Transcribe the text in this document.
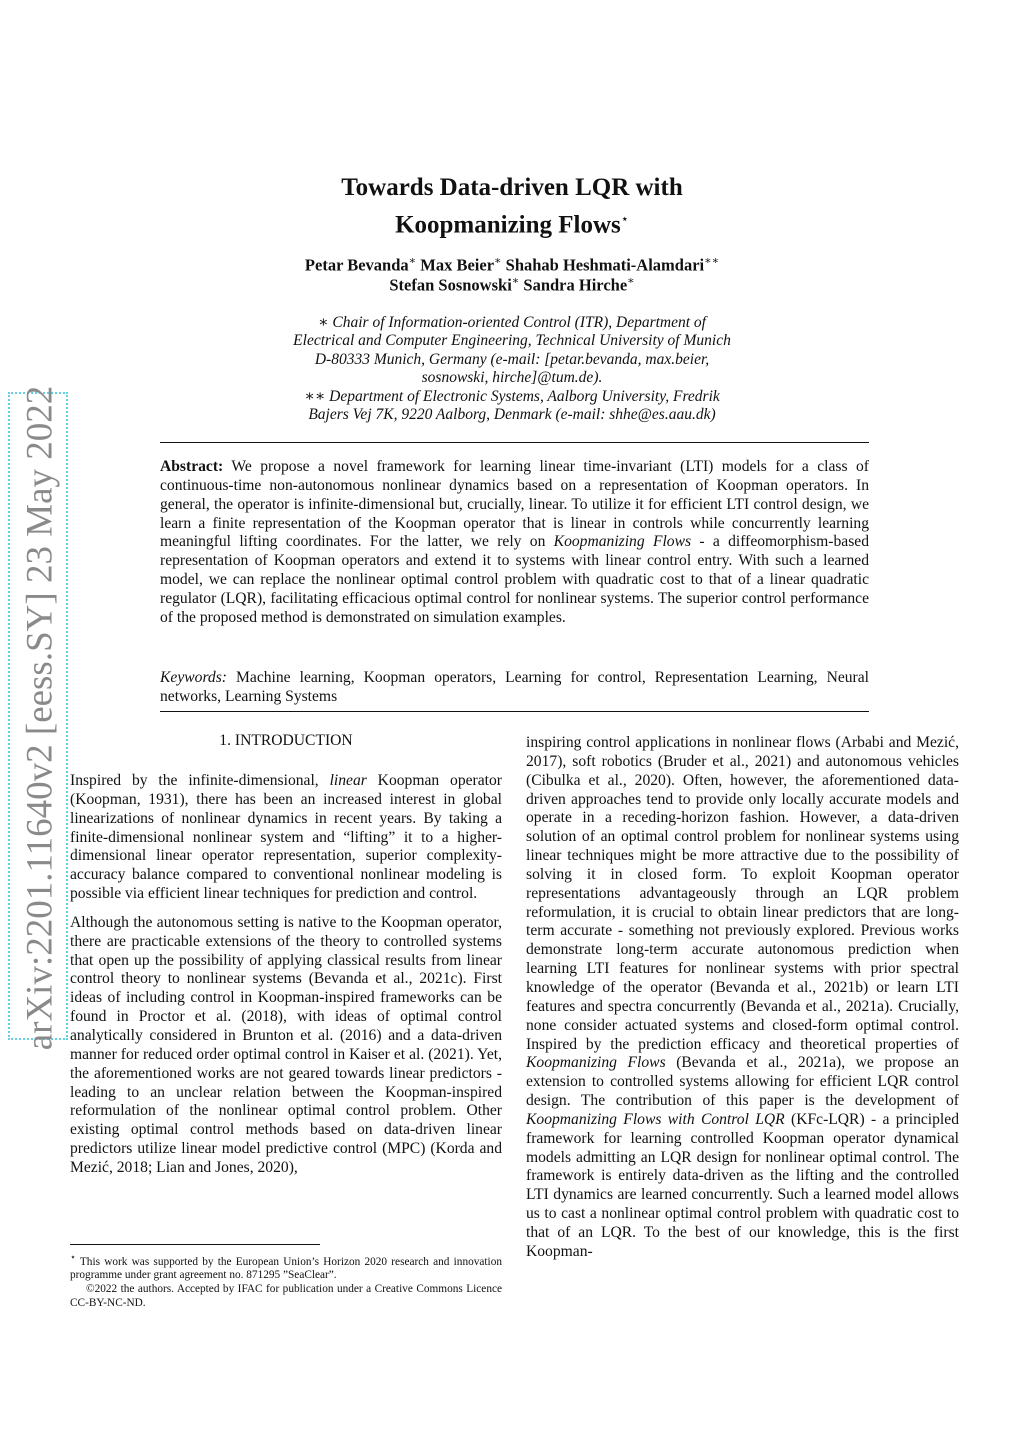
arXiv:2201.11640v2 [eess.SY] 23 May 2022
Towards Data-driven LQR with
Koopmanizing Flows⋆
Petar Bevanda∗ Max Beier∗ Shahab Heshmati-Alamdari∗∗
Stefan Sosnowski∗ Sandra Hirche∗
∗ Chair of Information-oriented Control (ITR), Department of
Electrical and Computer Engineering, Technical University of Munich
D-80333 Munich, Germany (e-mail: [petar.bevanda, max.beier,
sosnowski, hirche]@tum.de).
∗∗ Department of Electronic Systems, Aalborg University, Fredrik
Bajers Vej 7K, 9220 Aalborg, Denmark (e-mail: shhe@es.aau.dk)
Abstract: We propose a novel framework for learning linear time-invariant (LTI) models for a class of continuous-time non-autonomous nonlinear dynamics based on a representation of Koopman operators. In general, the operator is infinite-dimensional but, crucially, linear. To utilize it for efficient LTI control design, we learn a finite representation of the Koopman operator that is linear in controls while concurrently learning meaningful lifting coordinates. For the latter, we rely on Koopmanizing Flows - a diffeomorphism-based representation of Koopman operators and extend it to systems with linear control entry. With such a learned model, we can replace the nonlinear optimal control problem with quadratic cost to that of a linear quadratic regulator (LQR), facilitating efficacious optimal control for nonlinear systems. The superior control performance of the proposed method is demonstrated on simulation examples.
Keywords: Machine learning, Koopman operators, Learning for control, Representation Learning, Neural networks, Learning Systems
1. INTRODUCTION
Inspired by the infinite-dimensional, linear Koopman operator (Koopman, 1931), there has been an increased interest in global linearizations of nonlinear dynamics in recent years. By taking a finite-dimensional nonlinear system and “lifting” it to a higher-dimensional linear operator representation, superior complexity-accuracy balance compared to conventional nonlinear modeling is possible via efficient linear techniques for prediction and control.
Although the autonomous setting is native to the Koopman operator, there are practicable extensions of the theory to controlled systems that open up the possibility of applying classical results from linear control theory to nonlinear systems (Bevanda et al., 2021c). First ideas of including control in Koopman-inspired frameworks can be found in Proctor et al. (2018), with ideas of optimal control analytically considered in Brunton et al. (2016) and a data-driven manner for reduced order optimal control in Kaiser et al. (2021). Yet, the aforementioned works are not geared towards linear predictors - leading to an unclear relation between the Koopman-inspired reformulation of the nonlinear optimal control problem. Other existing optimal control methods based on data-driven linear predictors utilize linear model predictive control (MPC) (Korda and Mezić, 2018; Lian and Jones, 2020),
inspiring control applications in nonlinear flows (Arbabi and Mezić, 2017), soft robotics (Bruder et al., 2021) and autonomous vehicles (Cibulka et al., 2020). Often, however, the aforementioned data-driven approaches tend to provide only locally accurate models and operate in a receding-horizon fashion. However, a data-driven solution of an optimal control problem for nonlinear systems using linear techniques might be more attractive due to the possibility of solving it in closed form. To exploit Koopman operator representations advantageously through an LQR problem reformulation, it is crucial to obtain linear predictors that are long-term accurate - something not previously explored. Previous works demonstrate long-term accurate autonomous prediction when learning LTI features for nonlinear systems with prior spectral knowledge of the operator (Bevanda et al., 2021b) or learn LTI features and spectra concurrently (Bevanda et al., 2021a). Crucially, none consider actuated systems and closed-form optimal control. Inspired by the prediction efficacy and theoretical properties of Koopmanizing Flows (Bevanda et al., 2021a), we propose an extension to controlled systems allowing for efficient LQR control design. The contribution of this paper is the development of Koopmanizing Flows with Control LQR (KFc-LQR) - a principled framework for learning controlled Koopman operator dynamical models admitting an LQR design for nonlinear optimal control. The framework is entirely data-driven as the lifting and the controlled LTI dynamics are learned concurrently. Such a learned model allows us to cast a nonlinear optimal control problem with quadratic cost to that of an LQR. To the best of our knowledge, this is the first Koopman-
⋆ This work was supported by the European Union’s Horizon 2020 research and innovation programme under grant agreement no. 871295 ”SeaClear”.
©2022 the authors. Accepted by IFAC for publication under a Creative Commons Licence CC-BY-NC-ND.
